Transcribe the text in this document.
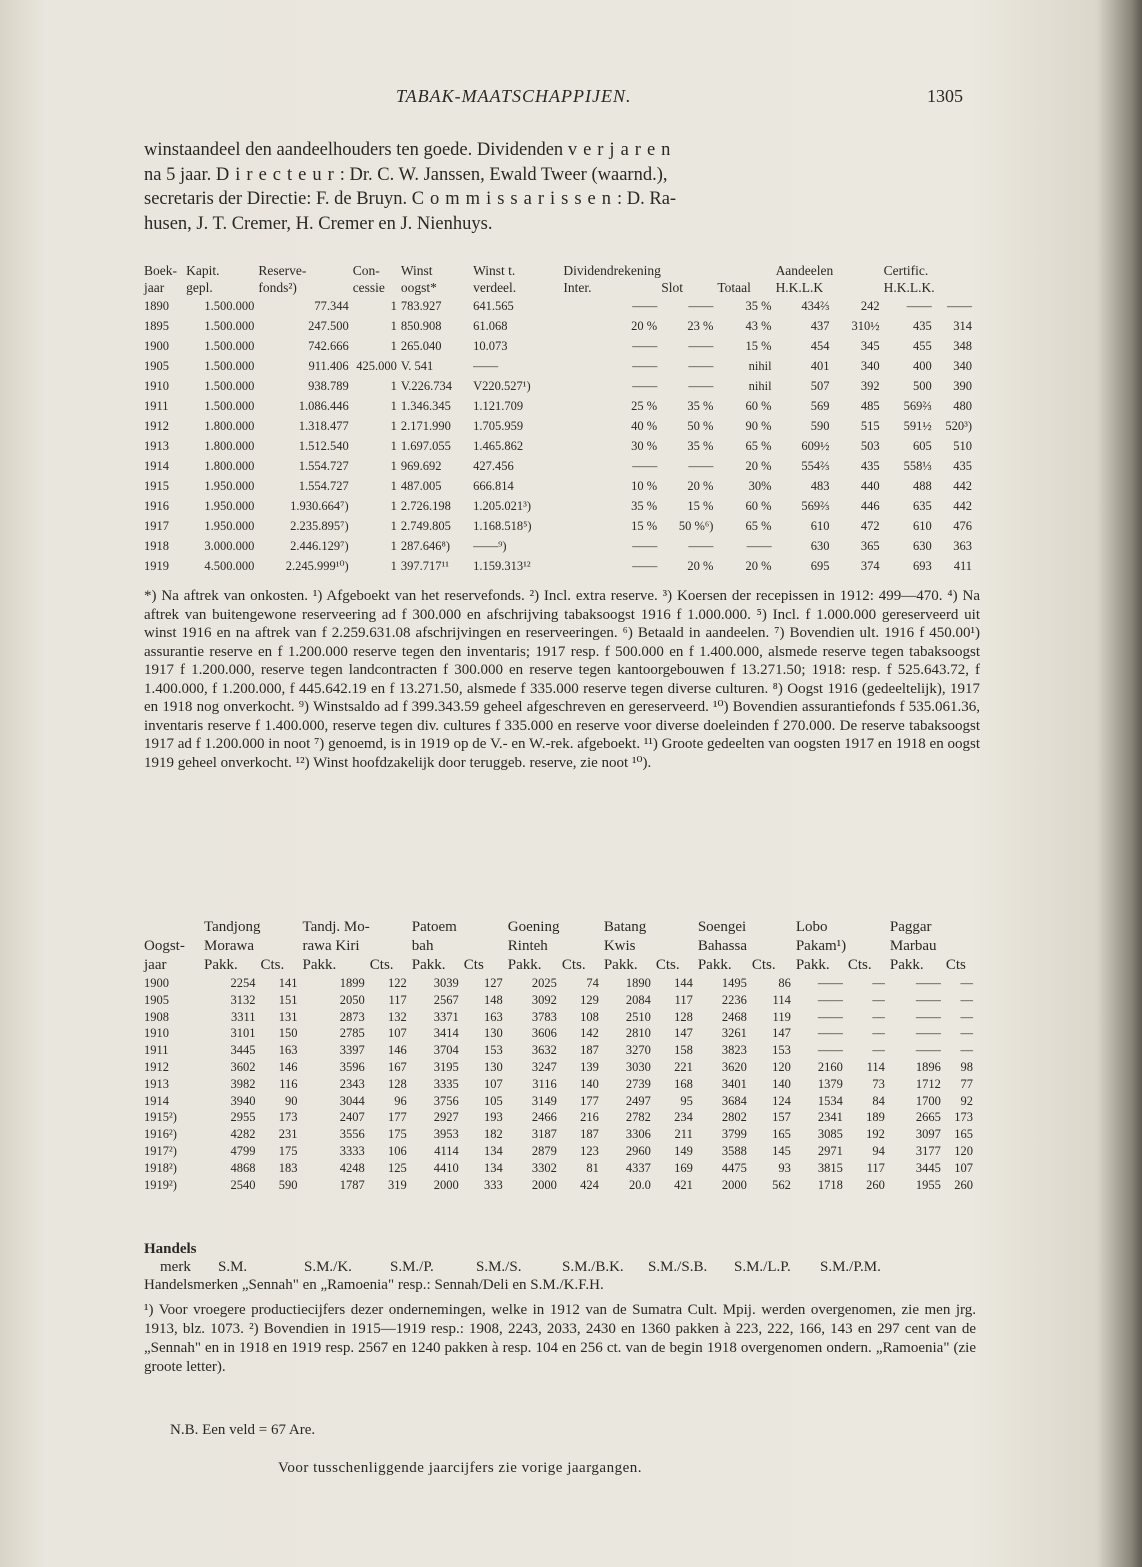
TABAK-MAATSCHAPPIJEN.	1305
winstaandeel den aandeelhouders ten goede. Dividenden verjaren
na 5 jaar. Directeur: Dr. C. W. Janssen, Ewald Tweer (waarnd.),
secretaris der Directie: F. de Bruyn. Commissarissen: D. Ra-
husen, J. T. Cremer, H. Cremer en J. Nienhuys.
Boek-	Kapit.	Reserve-	Con-	Winst	Winst t.	Dividendrekening			Aandeelen		Certific.	
jaar	gepl.	fonds²)	cessie	oogst*	verdeel.	Inter.	Slot	Totaal	H.K.L.K		H.K.L.K.	
1890	1.500.000	77.344	1	783.927	641.565	——	——	35 %	434⅔	242	——	——
1895	1.500.000	247.500	1	850.908	61.068	20 %	23 %	43 %	437	310½	435	314
1900	1.500.000	742.666	1	265.040	10.073	——	——	15 %	454	345	455	348
1905	1.500.000	911.406	425.000	V. 541	——	——	——	nihil	401	340	400	340
1910	1.500.000	938.789	1	V.226.734	V220.527¹)	——	——	nihil	507	392	500	390
1911	1.500.000	1.086.446	1	1.346.345	1.121.709	25 %	35 %	60 %	569	485	569⅔	480
1912	1.800.000	1.318.477	1	2.171.990	1.705.959	40 %	50 %	90 %	590	515	591½	520³)
1913	1.800.000	1.512.540	1	1.697.055	1.465.862	30 %	35 %	65 %	609½	503	605	510
1914	1.800.000	1.554.727	1	969.692	427.456	——	——	20 %	554⅔	435	558⅓	435
1915	1.950.000	1.554.727	1	487.005	666.814	10 %	20 %	30%	483	440	488	442
1916	1.950.000	1.930.664⁷)	1	2.726.198	1.205.021³)	35 %	15 %	60 %	569⅔	446	635	442
1917	1.950.000	2.235.895⁷)	1	2.749.805	1.168.518⁵)	15 %	50 %⁶)	65 %	610	472	610	476
1918	3.000.000	2.446.129⁷)	1	287.646⁸)	——⁹)	——	——	——	630	365	630	363
1919	4.500.000	2.245.999¹⁰)	1	397.717¹¹	1.159.313¹²	——	20 %	20 %	695	374	693	411
*) Na aftrek van onkosten. ¹) Afgeboekt van het reservefonds. ²) Incl. extra reserve. ³) Koersen der recepissen in 1912: 499—470. ⁴) Na aftrek van buitengewone reserveering ad f 300.000 en afschrijving tabaksoogst 1916 f 1.000.000. ⁵) Incl. f 1.000.000 gereserveerd uit winst 1916 en na aftrek van f 2.259.631.08 afschrijvingen en reserveeringen. ⁶) Betaald in aandeelen. ⁷) Bovendien ult. 1916 f 450.00¹) assurantie reserve en f 1.200.000 reserve tegen den inventaris; 1917 resp. f 500.000 en f 1.400.000, alsmede reserve tegen tabaksoogst 1917 f 1.200.000, reserve tegen landcontracten f 300.000 en reserve tegen kantoorgebouwen f 13.271.50; 1918: resp. f 525.643.72, f 1.400.000, f 1.200.000, f 445.642.19 en f 13.271.50, alsmede f 335.000 reserve tegen diverse culturen. ⁸) Oogst 1916 (gedeeltelijk), 1917 en 1918 nog onverkocht. ⁹) Winstsaldo ad f 399.343.59 geheel afgeschreven en gereserveerd. ¹⁰) Bovendien assurantiefonds f 535.061.36, inventaris reserve f 1.400.000, reserve tegen div. cultures f 335.000 en reserve voor diverse doeleinden f 270.000. De reserve tabaksoogst 1917 ad f 1.200.000 in noot ⁷) genoemd, is in 1919 op de V.- en W.-rek. afgeboekt. ¹¹) Groote gedeelten van oogsten 1917 en 1918 en oogst 1919 geheel onverkocht. ¹²) Winst hoofdzakelijk door teruggeb. reserve, zie noot ¹⁰).
	Tandjong		Tandj. Mo-		Patoem		Goening		Batang		Soengei		Lobo		Paggar	
Oogst-	Morawa		rawa Kiri		bah		Rinteh		Kwis		Bahassa		Pakam¹)		Marbau	
jaar	Pakk.	Cts.	Pakk.	Cts.	Pakk.	Cts	Pakk.	Cts.	Pakk.	Cts.	Pakk.	Cts.	Pakk.	Cts.	Pakk.	Cts
1900	2254	141	1899	122	3039	127	2025	74	1890	144	1495	86	——	—	——	—
1905	3132	151	2050	117	2567	148	3092	129	2084	117	2236	114	——	—	——	—
1908	3311	131	2873	132	3371	163	3783	108	2510	128	2468	119	——	—	——	—
1910	3101	150	2785	107	3414	130	3606	142	2810	147	3261	147	——	—	——	—
1911	3445	163	3397	146	3704	153	3632	187	3270	158	3823	153	——	—	——	—
1912	3602	146	3596	167	3195	130	3247	139	3030	221	3620	120	2160	114	1896	98
1913	3982	116	2343	128	3335	107	3116	140	2739	168	3401	140	1379	73	1712	77
1914	3940	90	3044	96	3756	105	3149	177	2497	95	3684	124	1534	84	1700	92
1915²)	2955	173	2407	177	2927	193	2466	216	2782	234	2802	157	2341	189	2665	173
1916²)	4282	231	3556	175	3953	182	3187	187	3306	211	3799	165	3085	192	3097	165
1917²)	4799	175	3333	106	4114	134	2879	123	2960	149	3588	145	2971	94	3177	120
1918²)	4868	183	4248	125	4410	134	3302	81	4337	169	4475	93	3815	117	3445	107
1919²)	2540	590	1787	319	2000	333	2000	424	20.0	421	2000	562	1718	260	1955	260
Handels
merk S.M.	S.M./K.	S.M./P.	S.M./S.	S.M./B.K. S.M./S.B. S.M./L.P. S.M./P.M.
Handelsmerken „Sennah" en „Ramoenia" resp.: Sennah/Deli en S.M./K.F.H.
¹) Voor vroegere productiecijfers dezer ondernemingen, welke in 1912 van de Sumatra Cult. Mpij. werden overgenomen, zie men jrg. 1913, blz. 1073. ²) Bovendien in 1915—1919 resp.: 1908, 2243, 2033, 2430 en 1360 pakken à 223, 222, 166, 143 en 297 cent van de „Sennah" en in 1918 en 1919 resp. 2567 en 1240 pakken à resp. 104 en 256 ct. van de begin 1918 overgenomen ondern. „Ramoenia" (zie groote letter).
N.B. Een veld = 67 Are.
Voor tusschenliggende jaarcijfers zie vorige jaargangen.
